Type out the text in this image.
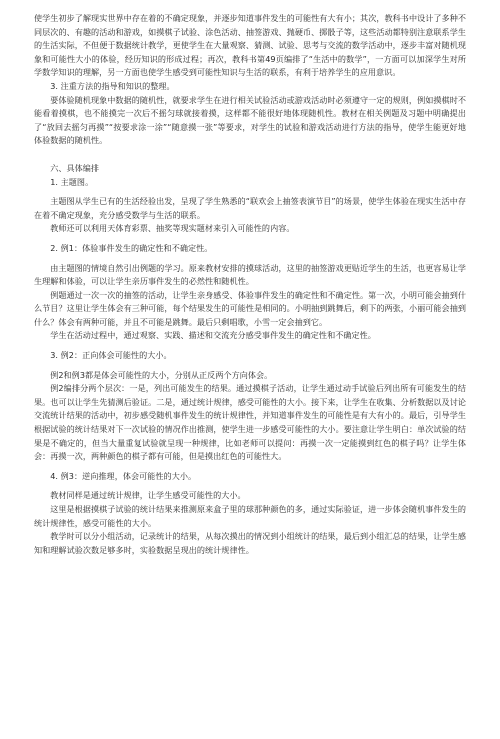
使学生初步了解现实世界中存在着的不确定现象，并逐步知道事件发生的可能性有大有小；其次，教科书中设计了多种不同层次的、有趣的活动和游戏，如摸棋子试验、涂色活动、抽签游戏、抛硬币、掷骰子等，这些活动都特别注意联系学生的生活实际，不但便于数据统计教学，更使学生在大量观察、猜测、试验、思考与交流的数学活动中，逐步丰富对随机现象和可能性大小的体验，经历知识的形成过程；再次，教科书第49页编排了“生活中的数学”，一方面可以加深学生对所学数学知识的理解，另一方面也使学生感受到可能性知识与生活的联系，有利于培养学生的应用意识。

3. 注重方法的指导和知识的整理。

要体验随机现象中数据的随机性，就要求学生在进行相关试验活动或游戏活动时必须遵守一定的规则，例如摸棋时不能看着摸棋，也不能摸完一次后不摇匀球就接着摸，这样都不能很好地体现随机性。教材在相关例题及习题中明确提出了“放回去摇匀再摸”“按要求涂一涂”“随意摸一张”等要求，对学生的试验和游戏活动进行方法的指导，使学生能更好地体验数据的随机性。

六、具体编排

1. 主题图。

主题图从学生已有的生活经验出发，呈现了学生熟悉的“联欢会上抽签表演节目”的场景，使学生体验在现实生活中存在着不确定现象，充分感受数学与生活的联系。

教师还可以利用天体育彩票、抽奖等现实题材来引入可能性的内容。

2. 例1：体验事件发生的确定性和不确定性。

由主题图的情境自然引出例题的学习。原来教材安排的摸球活动，这里的抽签游戏更贴近学生的生活，也更容易让学生理解和体验，可以让学生亲历事件发生的必然性和随机性。

例题通过一次一次的抽签的活动，让学生亲身感受、体验事件发生的确定性和不确定性。第一次，小明可能会抽到什么节目？这里让学生体会有三种可能，每个结果发生的可能性是相同的。小明抽到跳舞后，剩下的两张，小丽可能会抽到什么？体会有两种可能，并且不可能是跳舞。最后只剩唱歌，小雪一定会抽到它。

学生在活动过程中，通过观察、实践、描述和交流充分感受事件发生的确定性和不确定性。

3. 例2：正向体会可能性的大小。

例2和例3都是体会可能性的大小，分别从正反两个方向体会。

例2编排分两个层次：一是，列出可能发生的结果。通过摸棋子活动，让学生通过动手试验后列出所有可能发生的结果。也可以让学生先猜测后验证。二是，通过统计规律，感受可能性的大小。接下来，让学生在收集、分析数据以及讨论交流统计结果的活动中，初步感受随机事件发生的统计规律性，并知道事件发生的可能性是有大有小的。最后，引导学生根据试验的统计结果对下一次试验的情况作出推测，使学生进一步感受可能性的大小。要注意让学生明白：单次试验的结果是不确定的，但当大量重复试验就呈现一种规律，比如老师可以提问：再摸一次一定能摸到红色的棋子吗？让学生体会：再摸一次，两种颜色的棋子都有可能，但是摸出红色的可能性大。

4. 例3：逆向推理，体会可能性的大小。

教材同样是通过统计规律，让学生感受可能性的大小。

这里是根据摸棋子试验的统计结果来推测原来盒子里的球那种颜色的多，通过实际验证，进一步体会随机事件发生的统计规律性，感受可能性的大小。

教学时可以分小组活动，记录统计的结果，从每次摸出的情况到小组统计的结果，最后到小组汇总的结果，让学生感知和理解试验次数足够多时，实验数据呈现出的统计规律性。
